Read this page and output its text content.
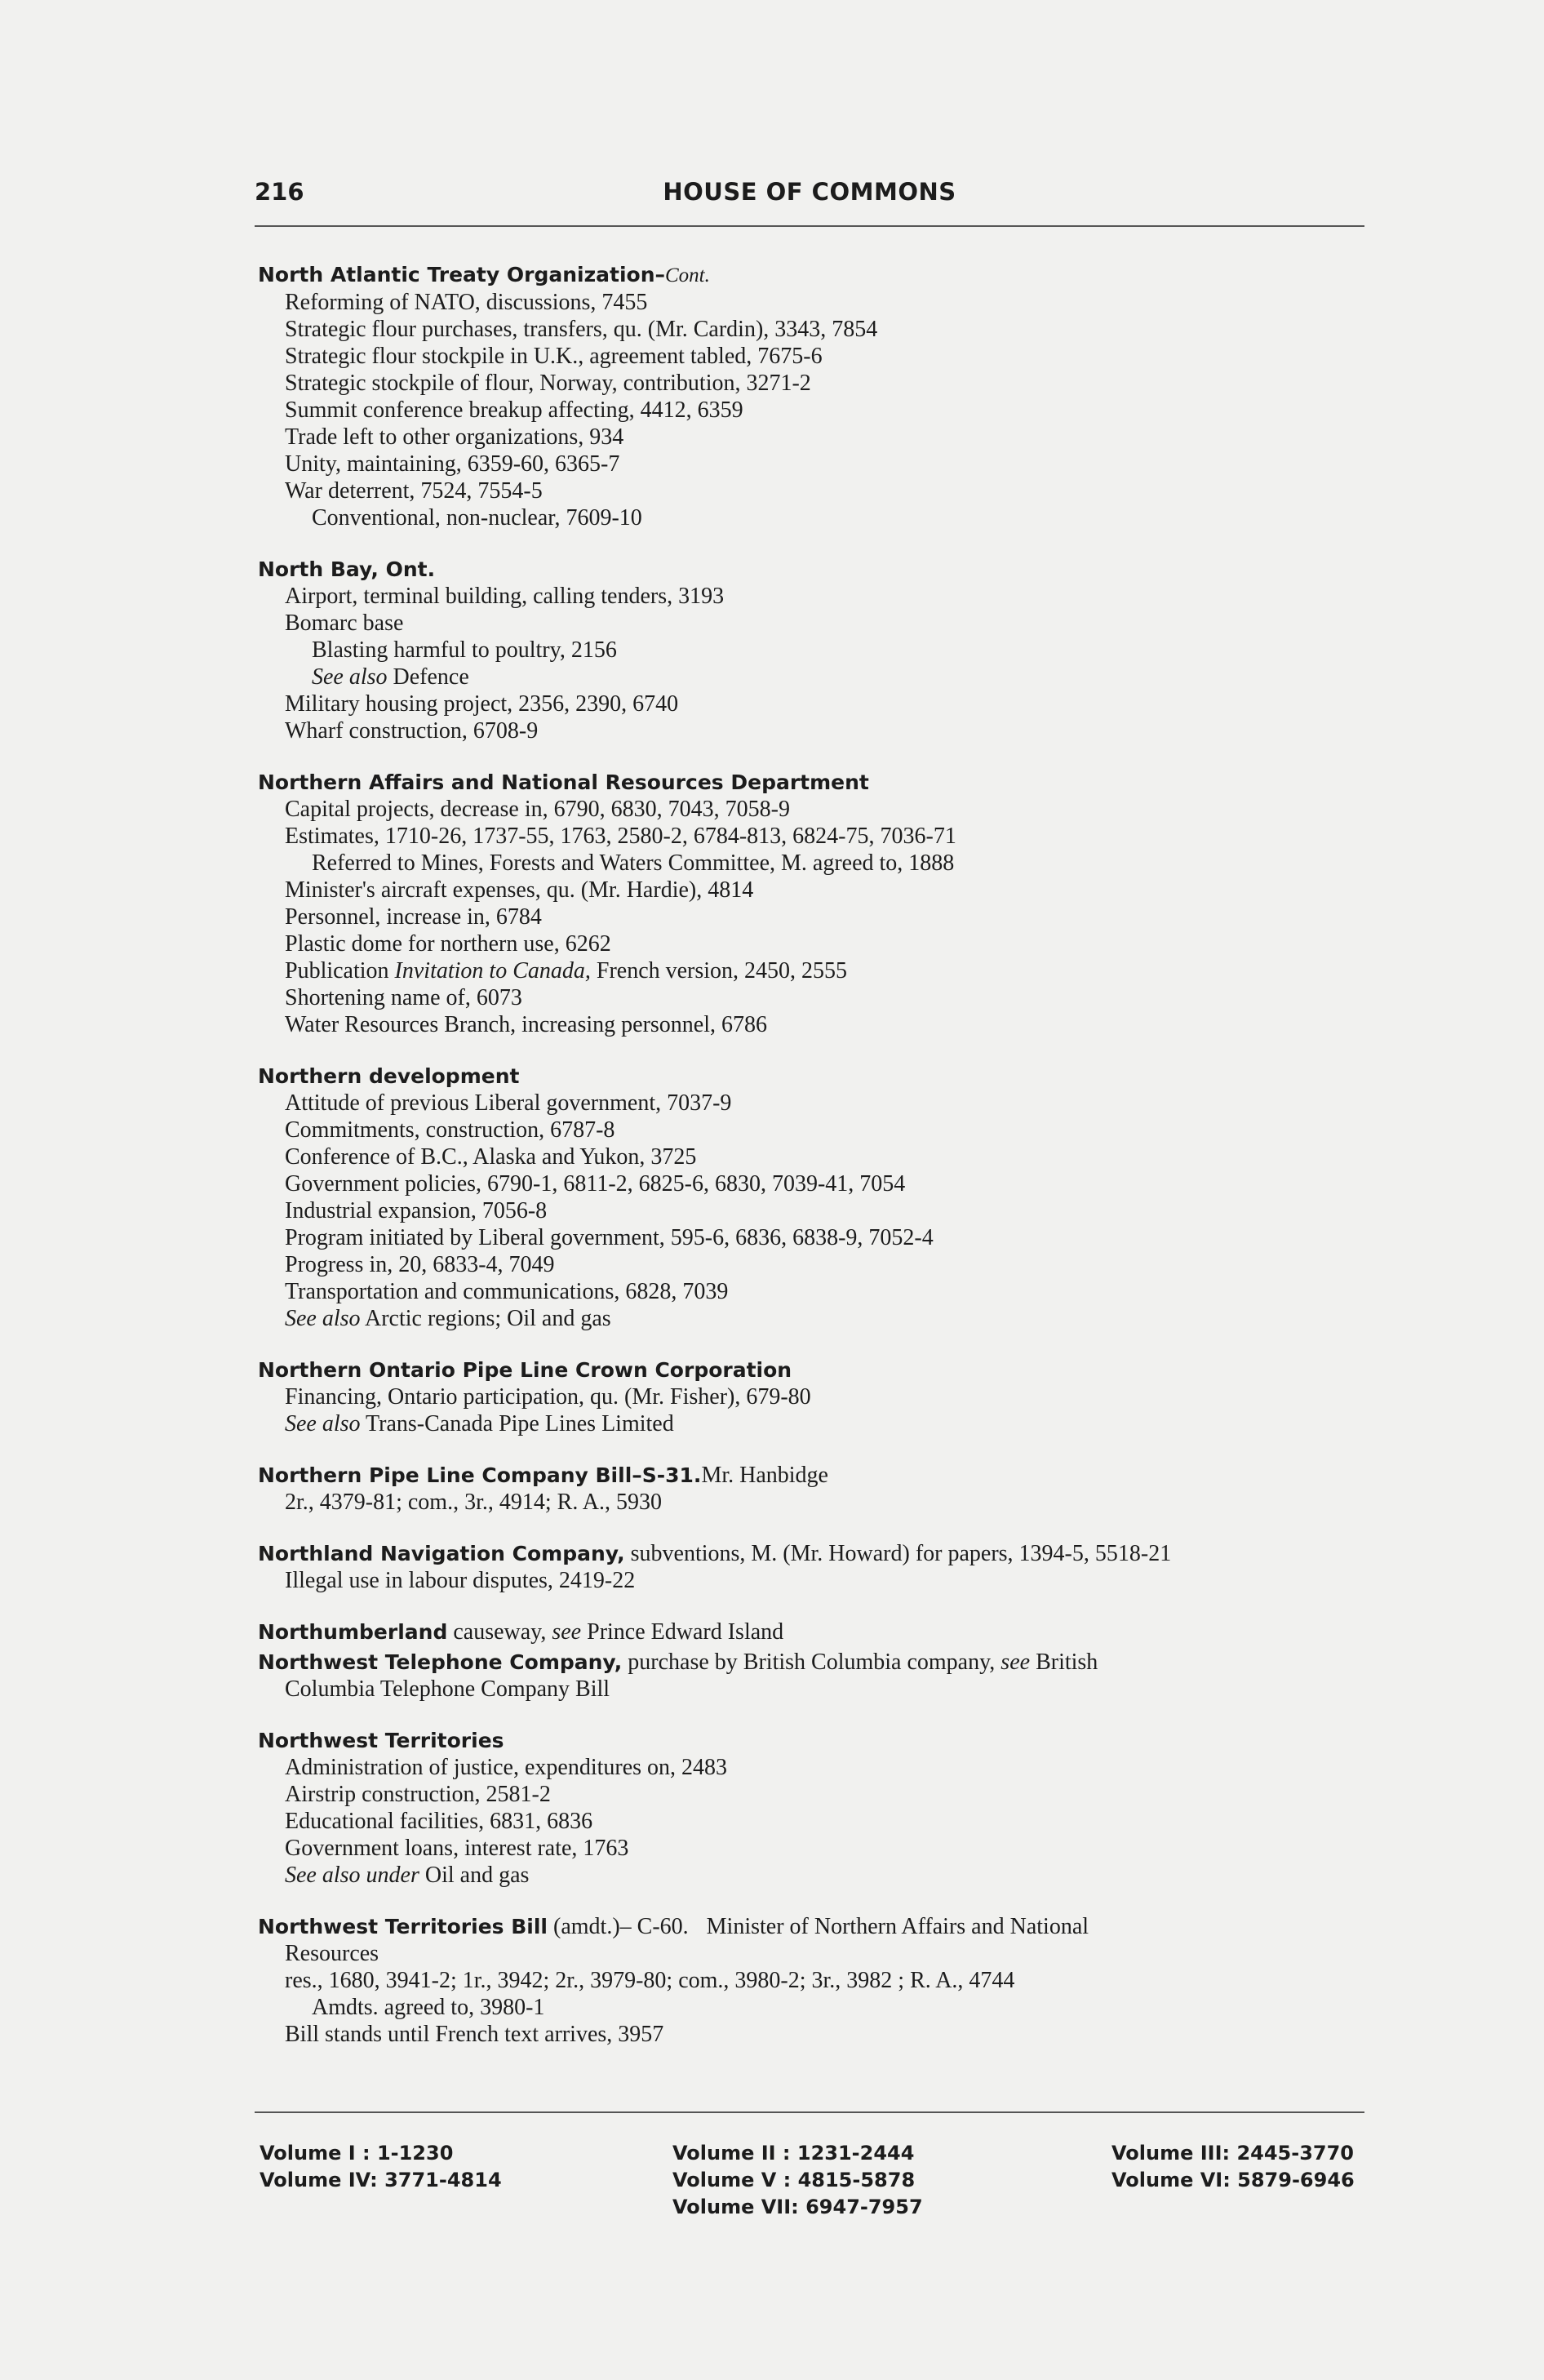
216	HOUSE OF COMMONS
North Atlantic Treaty Organization–Cont.
Reforming of NATO, discussions, 7455
Strategic flour purchases, transfers, qu. (Mr. Cardin), 3343, 7854
Strategic flour stockpile in U.K., agreement tabled, 7675-6
Strategic stockpile of flour, Norway, contribution, 3271-2
Summit conference breakup affecting, 4412, 6359
Trade left to other organizations, 934
Unity, maintaining, 6359-60, 6365-7
War deterrent, 7524, 7554-5
Conventional, non-nuclear, 7609-10
North Bay, Ont.
Airport, terminal building, calling tenders, 3193
Bomarc base
Blasting harmful to poultry, 2156
See also Defence
Military housing project, 2356, 2390, 6740
Wharf construction, 6708-9
Northern Affairs and National Resources Department
Capital projects, decrease in, 6790, 6830, 7043, 7058-9
Estimates, 1710-26, 1737-55, 1763, 2580-2, 6784-813, 6824-75, 7036-71
Referred to Mines, Forests and Waters Committee, M. agreed to, 1888
Minister's aircraft expenses, qu. (Mr. Hardie), 4814
Personnel, increase in, 6784
Plastic dome for northern use, 6262
Publication Invitation to Canada, French version, 2450, 2555
Shortening name of, 6073
Water Resources Branch, increasing personnel, 6786
Northern development
Attitude of previous Liberal government, 7037-9
Commitments, construction, 6787-8
Conference of B.C., Alaska and Yukon, 3725
Government policies, 6790-1, 6811-2, 6825-6, 6830, 7039-41, 7054
Industrial expansion, 7056-8
Program initiated by Liberal government, 595-6, 6836, 6838-9, 7052-4
Progress in, 20, 6833-4, 7049
Transportation and communications, 6828, 7039
See also Arctic regions; Oil and gas
Northern Ontario Pipe Line Crown Corporation
Financing, Ontario participation, qu. (Mr. Fisher), 679-80
See also Trans-Canada Pipe Lines Limited
Northern Pipe Line Company Bill–S-31.Mr. Hanbidge
2r., 4379-81; com., 3r., 4914; R. A., 5930
Northland Navigation Company, subventions, M. (Mr. Howard) for papers, 1394-5, 5518-21
Illegal use in labour disputes, 2419-22
Northumberland causeway, see Prince Edward Island
Northwest Telephone Company, purchase by British Columbia company, see British
Columbia Telephone Company Bill
Northwest Territories
Administration of justice, expenditures on, 2483
Airstrip construction, 2581-2
Educational facilities, 6831, 6836
Government loans, interest rate, 1763
See also under Oil and gas
Northwest Territories Bill (amdt.)– C-60. Minister of Northern Affairs and National
Resources
res., 1680, 3941-2; 1r., 3942; 2r., 3979-80; com., 3980-2; 3r., 3982 ; R. A., 4744
Amdts. agreed to, 3980-1
Bill stands until French text arrives, 3957
Volume I : 1-1230
Volume IV: 3771-4814
Volume II : 1231-2444
Volume V : 4815-5878
Volume VII: 6947-7957
Volume III: 2445-3770
Volume VI: 5879-6946
